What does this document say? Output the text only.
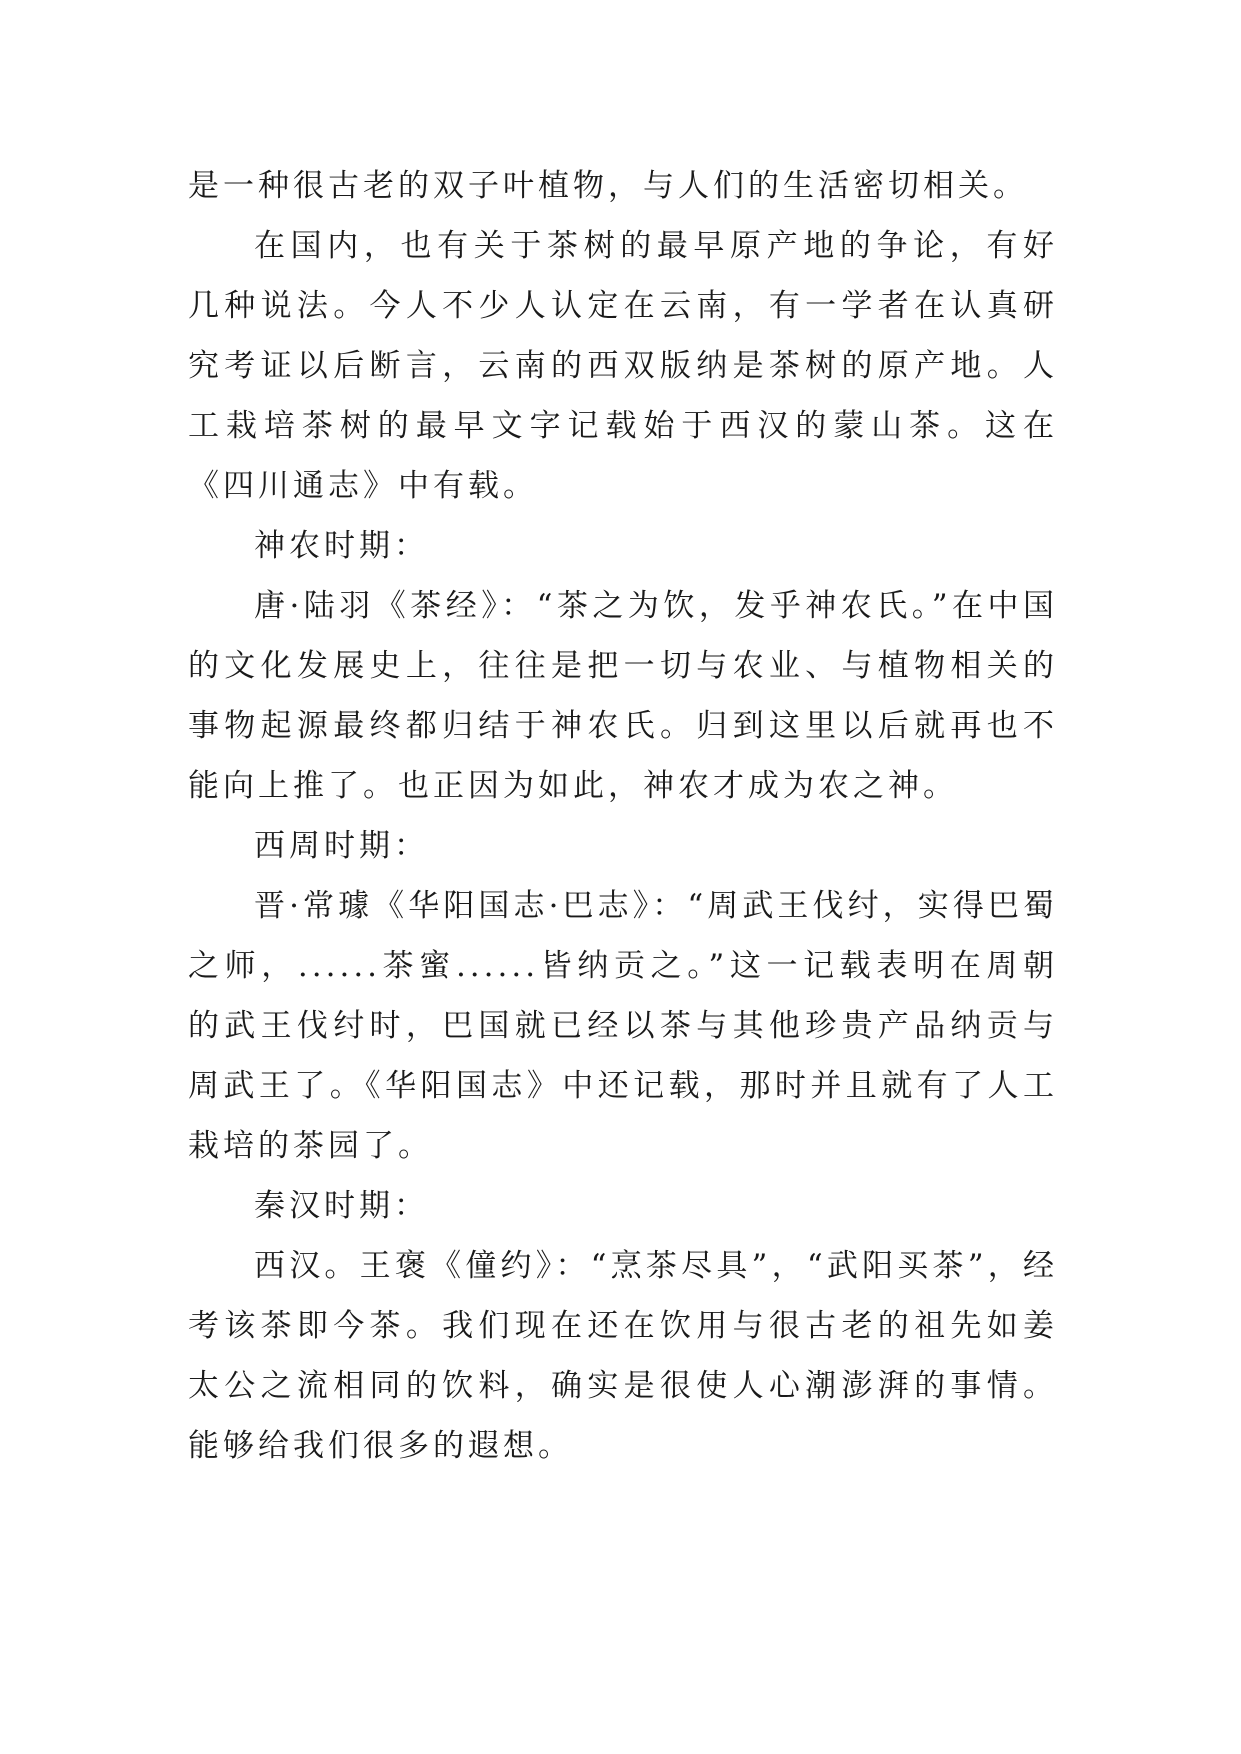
是一种很古老的双子叶植物，与人们的生活密切相关。

在国内，也有关于茶树的最早原产地的争论，有好几种说法。今人不少人认定在云南，有一学者在认真研究考证以后断言，云南的西双版纳是茶树的原产地。人工栽培茶树的最早文字记载始于西汉的蒙山茶。这在《四川通志》中有载。

神农时期：

唐·陆羽《茶经》：“茶之为饮，发乎神农氏。”在中国的文化发展史上，往往是把一切与农业、与植物相关的事物起源最终都归结于神农氏。归到这里以后就再也不能向上推了。也正因为如此，神农才成为农之神。

西周时期：

晋·常璩《华阳国志·巴志》：“周武王伐纣，实得巴蜀之师，......茶蜜......皆纳贡之。”这一记载表明在周朝的武王伐纣时，巴国就已经以茶与其他珍贵产品纳贡与周武王了。《华阳国志》中还记载，那时并且就有了人工栽培的茶园了。

秦汉时期：

西汉。王褒《僮约》：“烹茶尽具”，“武阳买茶”，经考该茶即今茶。我们现在还在饮用与很古老的祖先如姜太公之流相同的饮料，确实是很使人心潮澎湃的事情。能够给我们很多的遐想。
